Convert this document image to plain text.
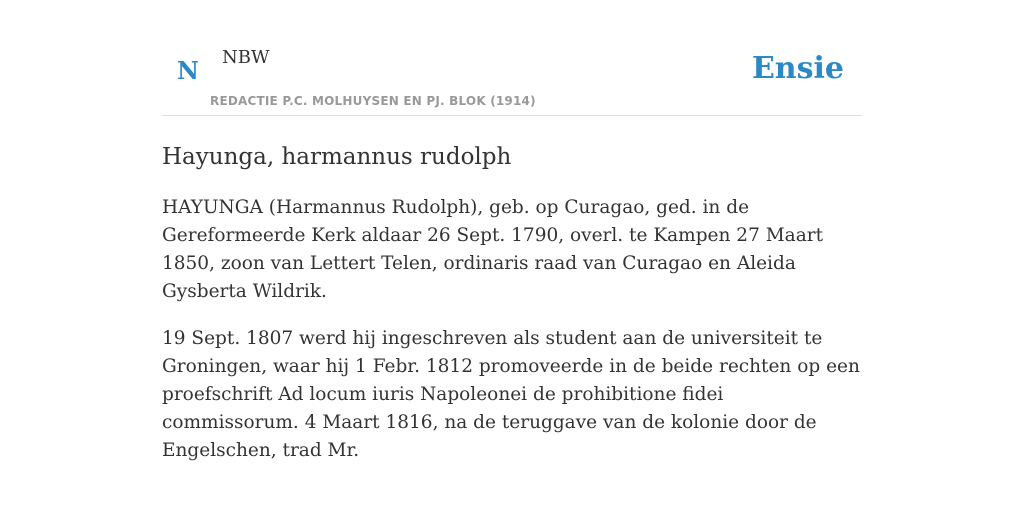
N NBW
REDACTIE P.C. MOLHUYSEN EN PJ. BLOK (1914)
Ensie
Hayunga, harmannus rudolph

HAYUNGA (Harmannus Rudolph), geb. op Curagao, ged. in de Gereformeerde Kerk aldaar 26 Sept. 1790, overl. te Kampen 27 Maart 1850, zoon van Lettert Telen, ordinaris raad van Curagao en Aleida Gysberta Wildrik.

19 Sept. 1807 werd hij ingeschreven als student aan de universiteit te Groningen, waar hij 1 Febr. 1812 promoveerde in de beide rechten op een proefschrift Ad locum iuris Napoleonei de prohibitione fidei commissorum. 4 Maart 1816, na de teruggave van de kolonie door de Engelschen, trad Mr.
